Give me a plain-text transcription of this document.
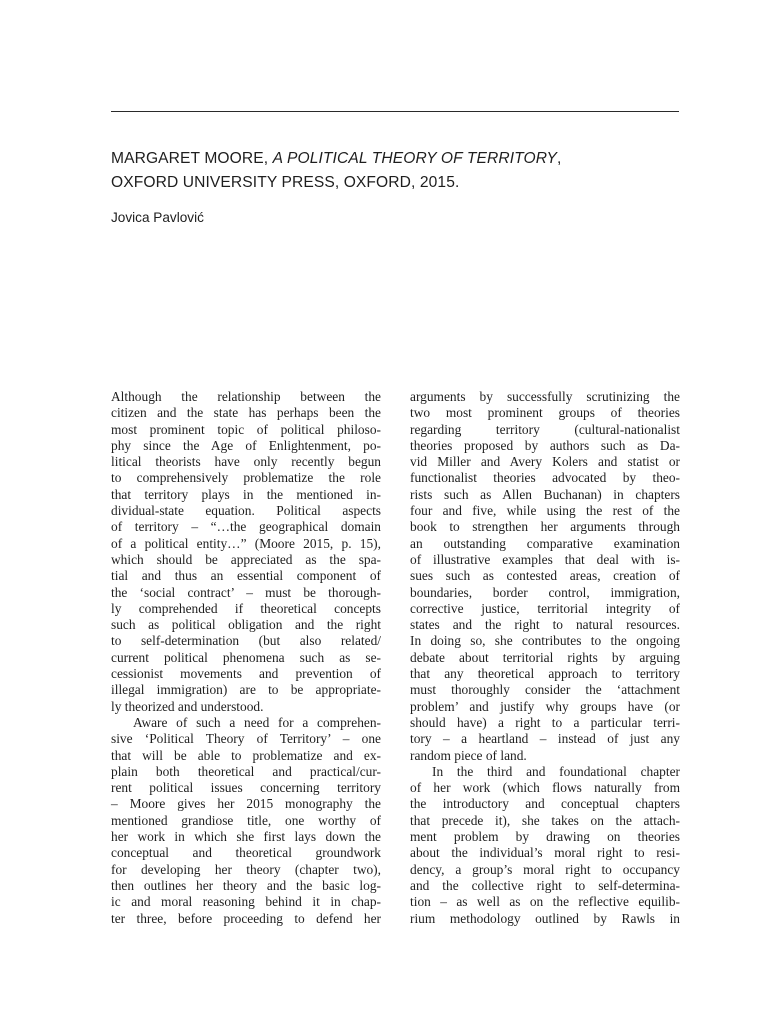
MARGARET MOORE, A POLITICAL THEORY OF TERRITORY,
OXFORD UNIVERSITY PRESS, OXFORD, 2015.

Jovica Pavlović

Although the relationship between the
citizen and the state has perhaps been the
most prominent topic of political philoso-
phy since the Age of Enlightenment, po-
litical theorists have only recently begun
to comprehensively problematize the role
that territory plays in the mentioned in-
dividual-state equation. Political aspects
of territory – “…the geographical domain
of a political entity…” (Moore 2015, p. 15),
which should be appreciated as the spa-
tial and thus an essential component of
the ‘social contract’ – must be thorough-
ly comprehended if theoretical concepts
such as political obligation and the right
to self-determination (but also related/
current political phenomena such as se-
cessionist movements and prevention of
illegal immigration) are to be appropriate-
ly theorized and understood.
Aware of such a need for a comprehen-
sive ‘Political Theory of Territory’ – one
that will be able to problematize and ex-
plain both theoretical and practical/cur-
rent political issues concerning territory
– Moore gives her 2015 monography the
mentioned grandiose title, one worthy of
her work in which she first lays down the
conceptual and theoretical groundwork
for developing her theory (chapter two),
then outlines her theory and the basic log-
ic and moral reasoning behind it in chap-
ter three, before proceeding to defend her
arguments by successfully scrutinizing the
two most prominent groups of theories
regarding territory (cultural-nationalist
theories proposed by authors such as Da-
vid Miller and Avery Kolers and statist or
functionalist theories advocated by theo-
rists such as Allen Buchanan) in chapters
four and five, while using the rest of the
book to strengthen her arguments through
an outstanding comparative examination
of illustrative examples that deal with is-
sues such as contested areas, creation of
boundaries, border control, immigration,
corrective justice, territorial integrity of
states and the right to natural resources.
In doing so, she contributes to the ongoing
debate about territorial rights by arguing
that any theoretical approach to territory
must thoroughly consider the ‘attachment
problem’ and justify why groups have (or
should have) a right to a particular terri-
tory – a heartland – instead of just any
random piece of land.
In the third and foundational chapter
of her work (which flows naturally from
the introductory and conceptual chapters
that precede it), she takes on the attach-
ment problem by drawing on theories
about the individual’s moral right to resi-
dency, a group’s moral right to occupancy
and the collective right to self-determina-
tion – as well as on the reflective equilib-
rium methodology outlined by Rawls in
